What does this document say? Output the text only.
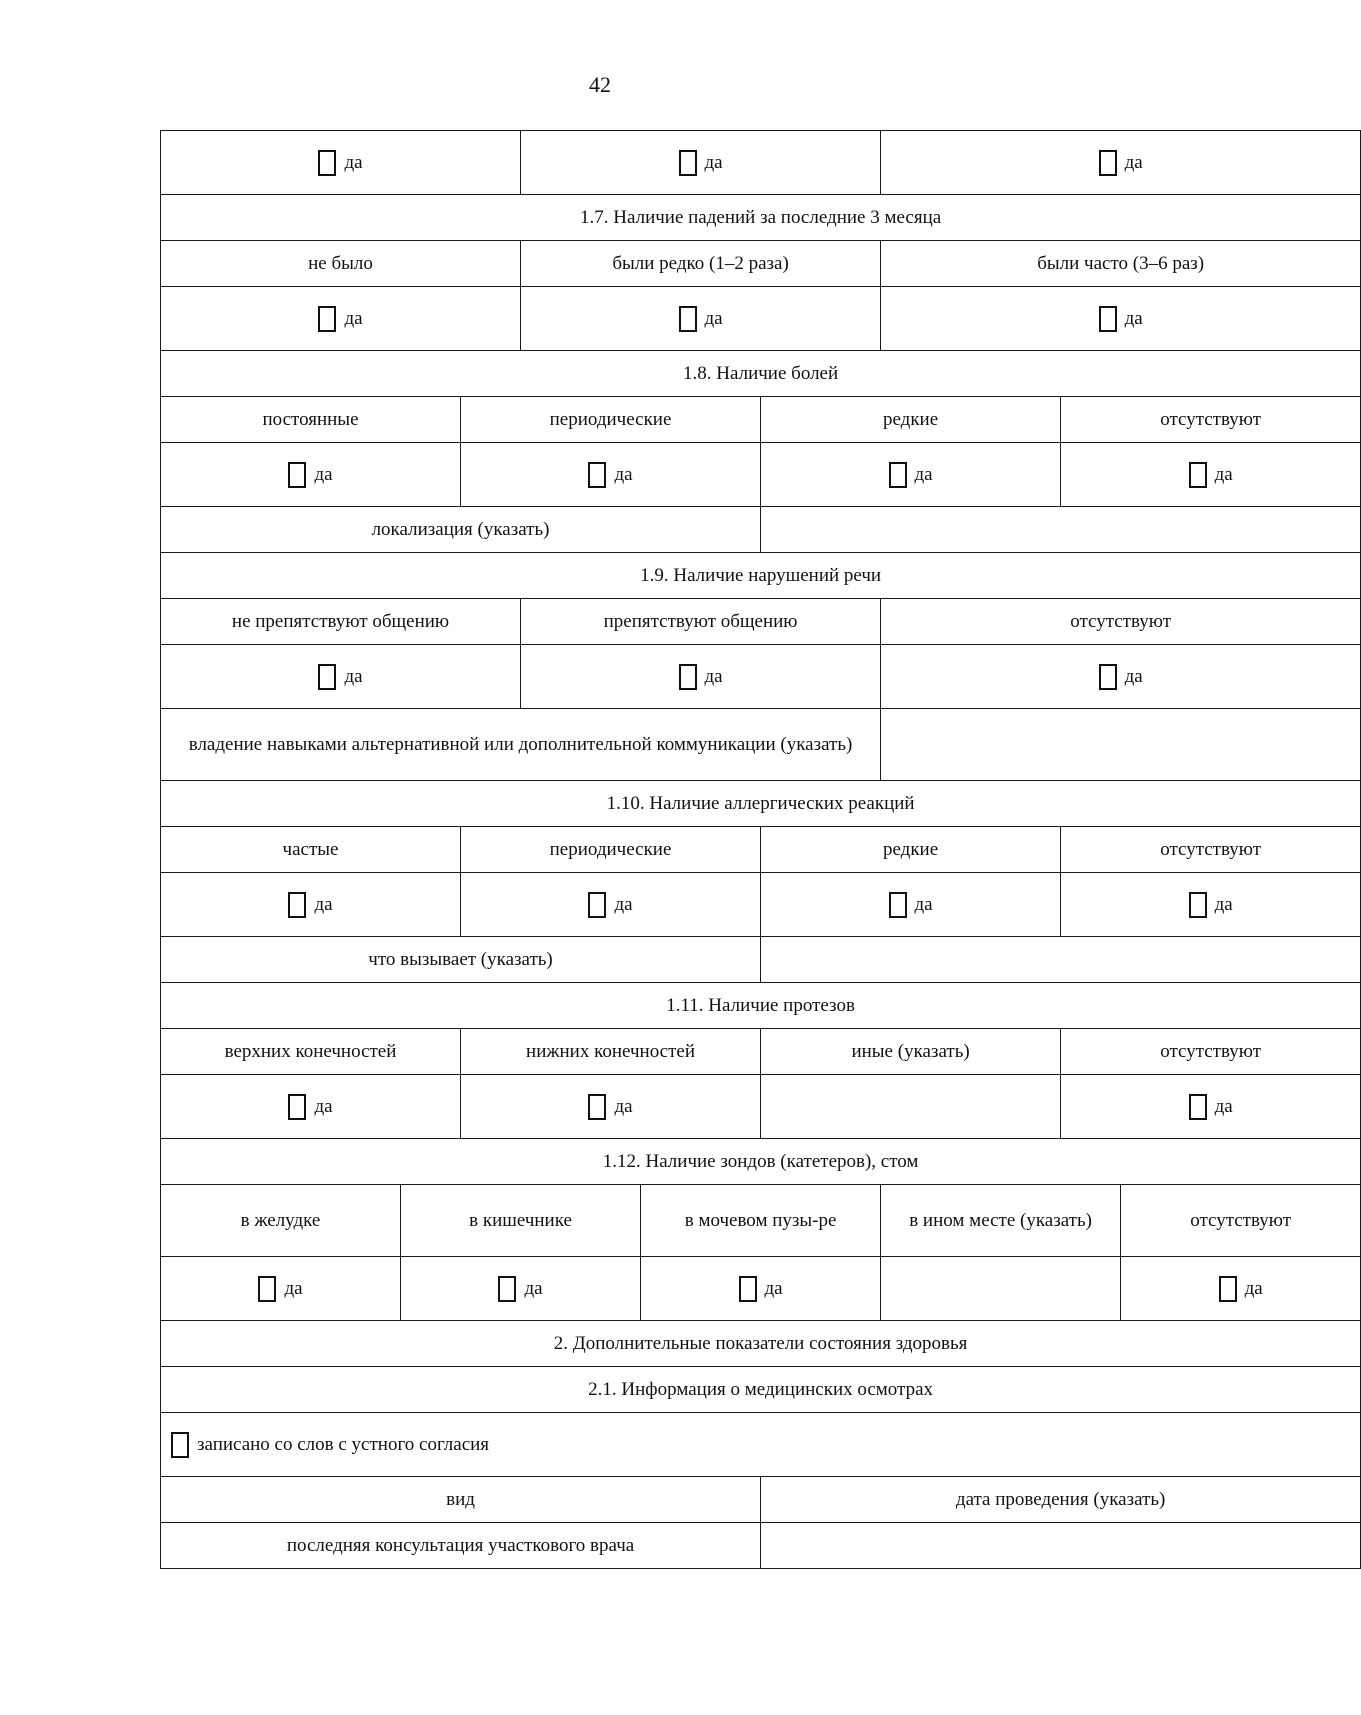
42
да			да			да		
1.7. Наличие падений за последние 3 месяца								
не было			были редко (1–2 раза)			были часто (3–6 раз)		
да			да			да		
1.8. Наличие болей								
постоянные		периодические			редкие		отсутствуют	
да		да			да		да	
локализация (указать)								
1.9. Наличие нарушений речи								
не препятствуют общению			препятствуют общению			отсутствуют		
да			да			да		
владение навыками альтернативной или дополнительной коммуникации (указать)								
1.10. Наличие аллергических реакций								
частые		периодические			редкие		отсутствуют	
да		да			да		да	
что вызывает (указать)								
1.11. Наличие протезов								
верхних конечностей		нижних конечностей			иные (указать)		отсутствуют	
да		да					да	
1.12. Наличие зондов (катетеров), стом								
в желудке	в кишечнике			в мочевом пузы-ре		в ином месте (указать)		отсутствуют
да	да			да				да
2. Дополнительные показатели состояния здоровья								
2.1. Информация о медицинских осмотрах								
записано со слов с устного согласия								
вид					дата проведения (указать)			
последняя консультация участкового врача								
